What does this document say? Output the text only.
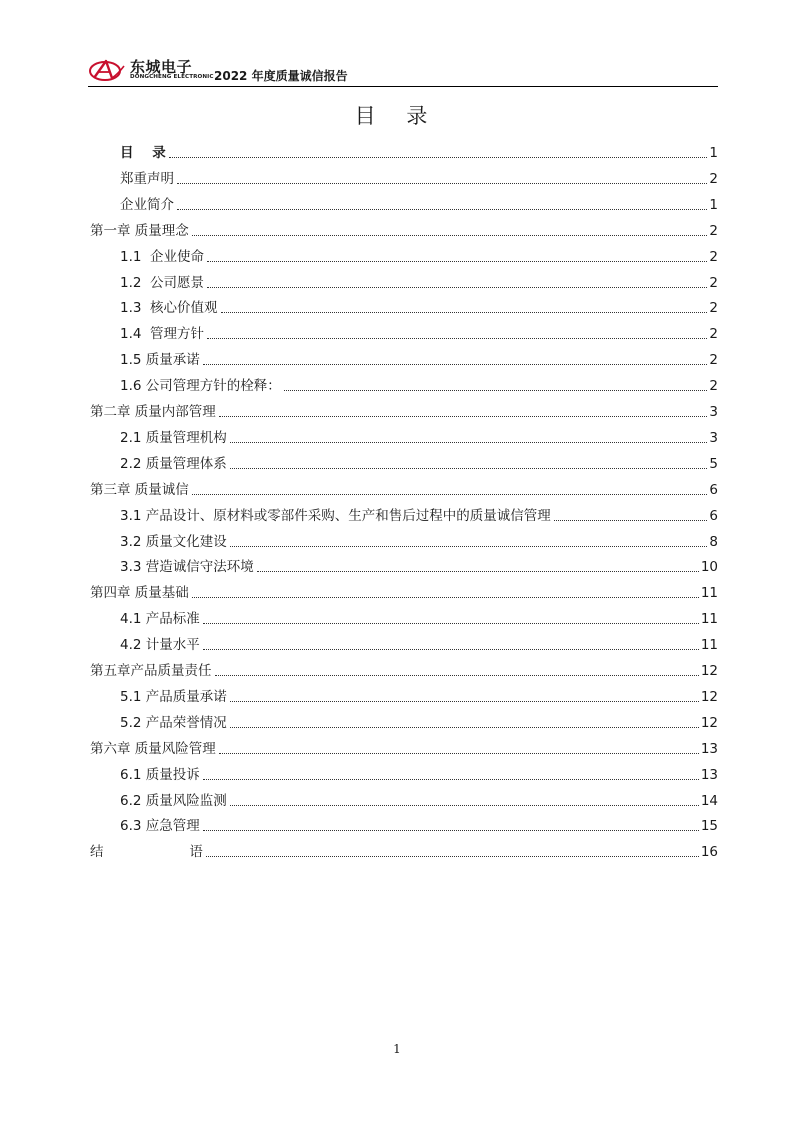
东城电子
DONGCHENG ELECTRONIC 2022 年度质量诚信报告
目 录
目    录	1
郑重声明	2
企业简介	1
第一章 质量理念	2
1.1  企业使命	2
1.2  公司愿景	2
1.3  核心价值观	2
1.4  管理方针	2
1.5 质量承诺	2
1.6 公司管理方针的栓释：	2
第二章 质量内部管理	3
2.1 质量管理机构	3
2.2 质量管理体系	5
第三章 质量诚信	6
3.1 产品设计、原材料或零部件采购、生产和售后过程中的质量诚信管理	6
3.2 质量文化建设	8
3.3 营造诚信守法环境	10
第四章 质量基础	11
4.1 产品标准	11
4.2 计量水平	11
第五章产品质量责任	12
5.1 产品质量承诺	12
5.2 产品荣誉情况	12
第六章 质量风险管理	13
6.1 质量投诉	13
6.2 质量风险监测	14
6.3 应急管理	15
结                    语	16
1
